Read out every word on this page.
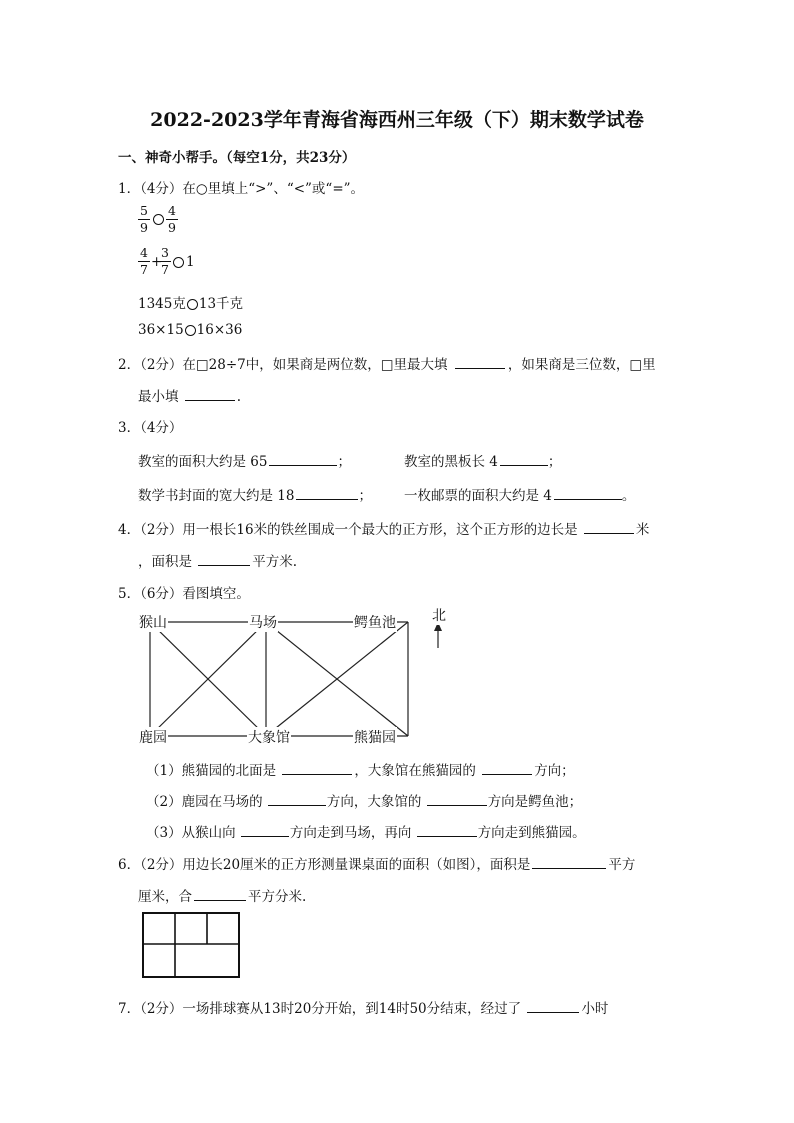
2022-2023学年青海省海西州三年级（下）期末数学试卷
一、神奇小帮手。（每空1分，共23分）
1．（4分）在○里填上“>”、“<”或“=”。
5
9
4
9
4
7 +
3
7 1
1345克 13千克
36×15 16×36
2．（2分）在□28÷7中，如果商是两位数，□里最大填	，如果商是三位数，□里
最小填	.
3．（4分）
教室的面积大约是 65	；	教室的黑板长 4	；
数学书封面的宽大约是 18	； 一枚邮票的面积大约是 4	。
4．（2分）用一根长16米的铁丝围成一个最大的正方形，这个正方形的边长是	米
，面积是	平方米.
5．（6分）看图填空。
猴山	马场	鳄鱼池
鹿园	大象馆	熊猫园
北
（1）熊猫园的北面是	，大象馆在熊猫园的	方向；
（2）鹿园在马场的	方向，大象馆的	方向是鳄鱼池；
（3）从猴山向	方向走到马场，再向	方向走到熊猫园。
6．（2分）用边长20厘米的正方形测量课桌面的面积（如图），面积是	平方
厘米，合	平方分米.
7．（2分）一场排球赛从13时20分开始，到14时50分结束，经过了	小时
